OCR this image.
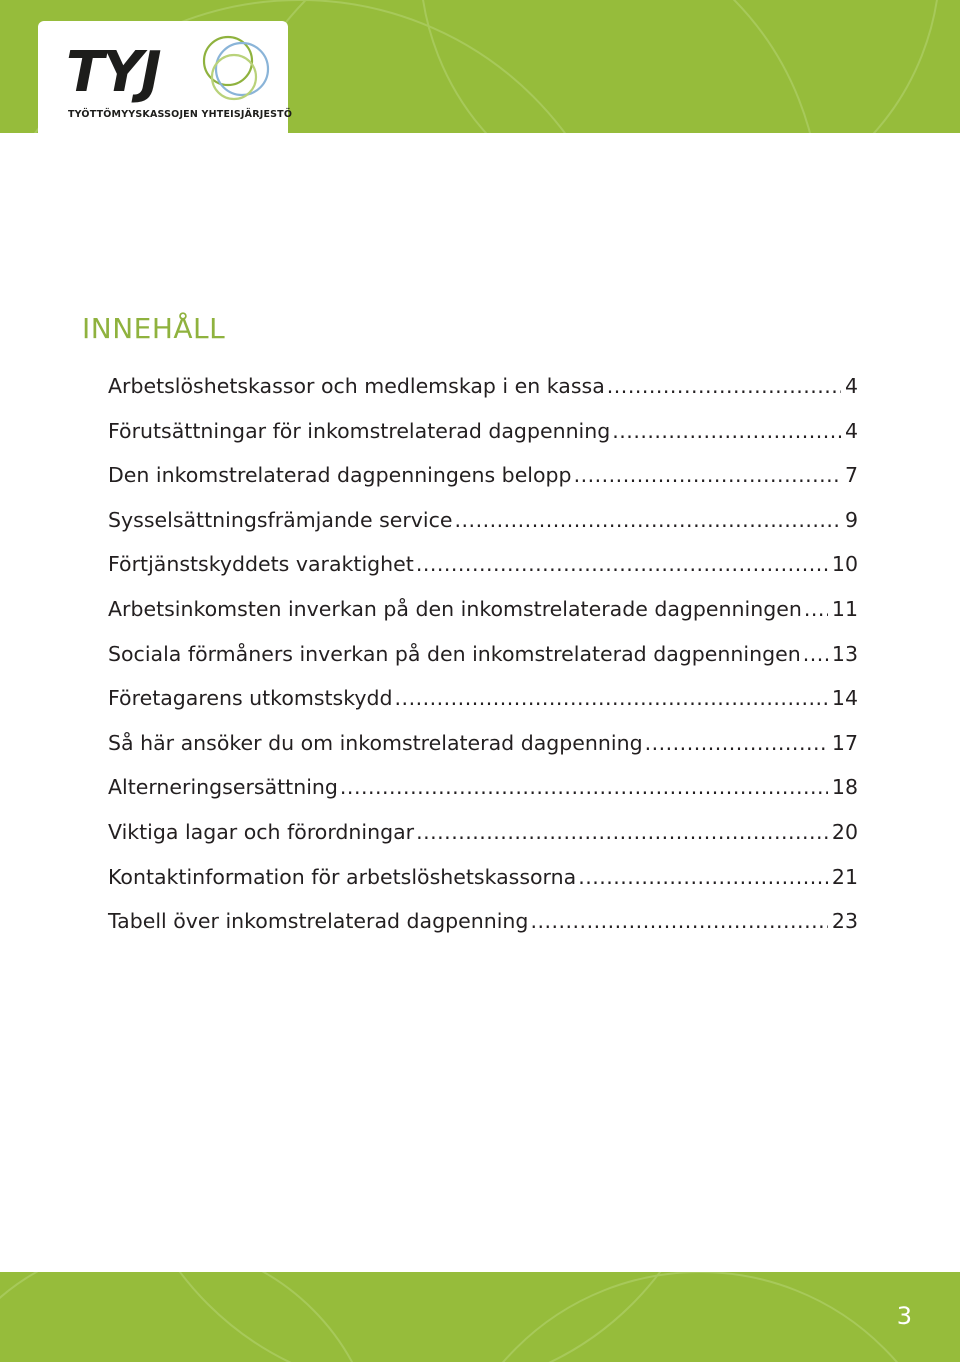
TYJ
TYÖTTÖMYYSKASSOJEN YHTEISJÄRJESTÖ
INNEHÅLL
Arbetslöshetskassor och medlemskap i en kassa .....	4
Förutsättningar för inkomstrelaterad dagpenning .....	4
Den inkomstrelaterad dagpenningens belopp .....	7
Sysselsättningsfrämjande service .....	9
Förtjänstskyddets varaktighet .....	10
Arbetsinkomsten inverkan på den inkomstrelaterade dagpenningen ..... 11
Sociala förmåners inverkan på den inkomstrelaterad dagpenningen ..... 13
Företagarens utkomstskydd .....	14
Så här ansöker du om inkomstrelaterad dagpenning .....	17
Alterneringsersättning .....	18
Viktiga lagar och förordningar .....	20
Kontaktinformation för arbetslöshetskassorna .....	21
Tabell över inkomstrelaterad dagpenning .....	23
3
